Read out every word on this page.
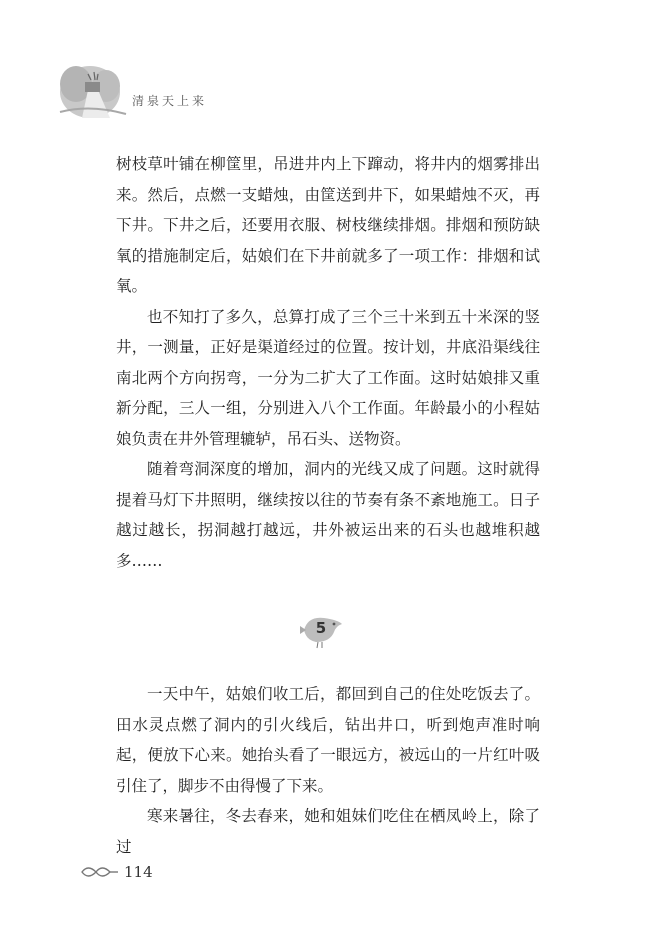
清泉天上来

树枝草叶铺在柳筐里，吊进井内上下蹿动，将井内的烟雾排出来。然后，点燃一支蜡烛，由筐送到井下，如果蜡烛不灭，再下井。下井之后，还要用衣服、树枝继续排烟。排烟和预防缺氧的措施制定后，姑娘们在下井前就多了一项工作：排烟和试氧。

也不知打了多久，总算打成了三个三十米到五十米深的竖井，一测量，正好是渠道经过的位置。按计划，井底沿渠线往南北两个方向拐弯，一分为二扩大了工作面。这时姑娘排又重新分配，三人一组，分别进入八个工作面。年龄最小的小程姑娘负责在井外管理辘轳，吊石头、送物资。

随着弯洞深度的增加，洞内的光线又成了问题。这时就得提着马灯下井照明，继续按以往的节奏有条不紊地施工。日子越过越长，拐洞越打越远，井外被运出来的石头也越堆积越多……

5

一天中午，姑娘们收工后，都回到自己的住处吃饭去了。田水灵点燃了洞内的引火线后，钻出井口，听到炮声准时响起，便放下心来。她抬头看了一眼远方，被远山的一片红叶吸引住了，脚步不由得慢了下来。

寒来暑往，冬去春来，她和姐妹们吃住在栖凤岭上，除了过

114
